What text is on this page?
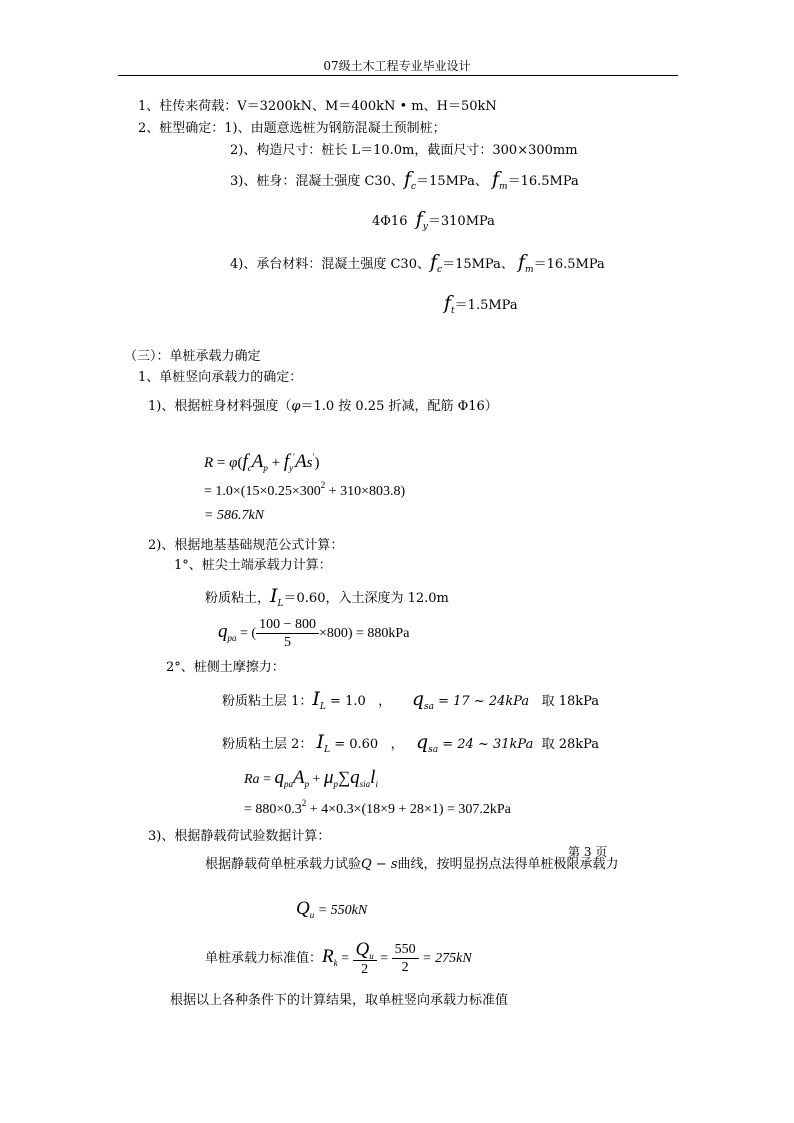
07级土木工程专业毕业设计
1、柱传来荷载：V＝3200kN、M＝400kN • m、H＝50kN
2、桩型确定：1)、由题意选桩为钢筋混凝土预制桩；
2)、构造尺寸：桩长 L＝10.0m，截面尺寸：300×300mm
3)、桩身：混凝土强度 C30、$f_c=15MPa$、 $f_m=16.5MPa$
4Φ16 $f_y=310MPa$
4)、承台材料：混凝土强度 C30、$f_c=15MPa$、 $f_m=16.5MPa$
$f_t=1.5MPa$
（三）：单桩承载力确定
1、单桩竖向承载力的确定：
1)、根据桩身材料强度（φ＝1.0 按 0.25 折减，配筋 Φ16）
$R = \varphi(f_cA_p + f_y'As')$
= $1.0\times(15\times 0.25\times 300^2 + 310\times 803.8)$
= 586.7kN
2)、根据地基基础规范公式计算：
1°、桩尖土端承载力计算：
粉质粘土，$I_L=0.60$，入土深度为 12.0m
$q_{pa}$ = ( $\frac{100 - 800}{5} \times 800) = 880kPa$
2°、桩侧土摩擦力：
粉质粘土层 1：$I_L = 1.0$   ，     $q_{sa} = 17$ ~ 24kPa 取 18kPa
粉质粘土层 2： $I_L = 0.60$   ，   $q_{sa} = 24$ ~ 31kPa 取 28kPa
$Ra = q_{pa}A_p + \mu_p\sum q_{sia}l_i$
= $880\times 0.3^2 + 4\times 0.3\times(18\times 9 + 28\times 1) = 307.2kPa$
3)、根据静载荷试验数据计算：
根据静载荷单桩承载力试验Q − s曲线，按明显拐点法得单桩极限承载力
$Q_u = 550kN$
单桩承载力标准值：$R_k = \frac{Q_u}{2} = \frac{550}{2} = 275kN$
根据以上各种条件下的计算结果，取单桩竖向承载力标准值
第 3 页
